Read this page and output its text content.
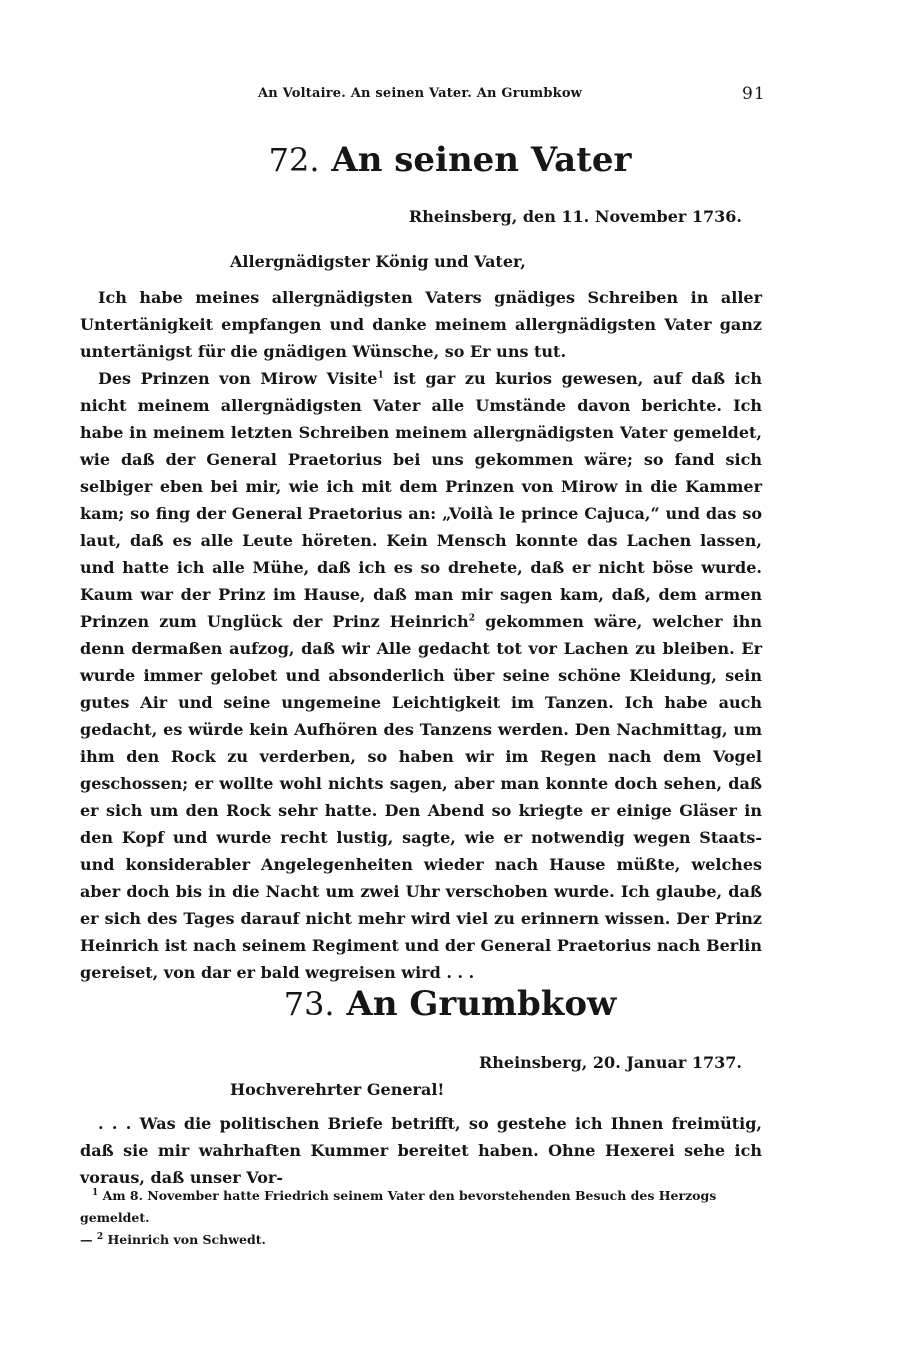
An Voltaire. An seinen Vater. An Grumbkow	91
72. An seinen Vater
Rheinsberg, den 11. November 1736.
Allergnädigster König und Vater,

Ich habe meines allergnädigsten Vaters gnädiges Schreiben in aller Untertänigkeit empfangen und danke meinem allergnädigsten Vater ganz untertänigst für die gnädigen Wünsche, so Er uns tut.

Des Prinzen von Mirow Visite$^1$ ist gar zu kurios gewesen, auf daß ich nicht meinem allergnädigsten Vater alle Umstände davon berichte. Ich habe in meinem letzten Schreiben meinem allergnädigsten Vater gemeldet, wie daß der General Praetorius bei uns gekommen wäre; so fand sich selbiger eben bei mir, wie ich mit dem Prinzen von Mirow in die Kammer kam; so fing der General Praetorius an: „Voilà le prince Cajuca,“ und das so laut, daß es alle Leute höreten. Kein Mensch konnte das Lachen lassen, und hatte ich alle Mühe, daß ich es so drehete, daß er nicht böse wurde. Kaum war der Prinz im Hause, daß man mir sagen kam, daß, dem armen Prinzen zum Unglück der Prinz Heinrich$^2$ gekommen wäre, welcher ihn denn dermaßen aufzog, daß wir Alle gedacht tot vor Lachen zu bleiben. Er wurde immer gelobet und absonderlich über seine schöne Kleidung, sein gutes Air und seine ungemeine Leichtigkeit im Tanzen. Ich habe auch gedacht, es würde kein Aufhören des Tanzens werden. Den Nachmittag, um ihm den Rock zu verderben, so haben wir im Regen nach dem Vogel geschossen; er wollte wohl nichts sagen, aber man konnte doch sehen, daß er sich um den Rock sehr hatte. Den Abend so kriegte er einige Gläser in den Kopf und wurde recht lustig, sagte, wie er notwendig wegen Staats- und konsiderabler Angelegenheiten wieder nach Hause müßte, welches aber doch bis in die Nacht um zwei Uhr verschoben wurde. Ich glaube, daß er sich des Tages darauf nicht mehr wird viel zu erinnern wissen. Der Prinz Heinrich ist nach seinem Regiment und der General Praetorius nach Berlin gereiset, von dar er bald wegreisen wird . . .

73. An Grumbkow
Rheinsberg, 20. Januar 1737.
Hochverehrter General!

. . . Was die politischen Briefe betrifft, so gestehe ich Ihnen freimütig, daß sie mir wahrhaften Kummer bereitet haben. Ohne Hexerei sehe ich voraus, daß unser Vor-

$^1$ Am 8. November hatte Friedrich seinem Vater den bevorstehenden Besuch des Herzogs gemeldet.

— $^2$ Heinrich von Schwedt.
